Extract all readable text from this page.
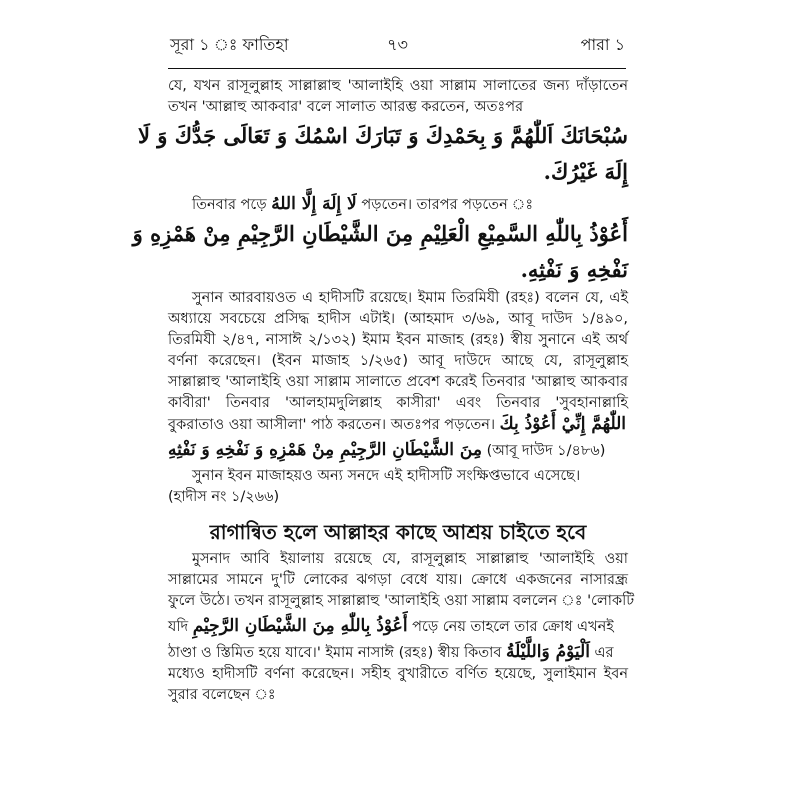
সূরা ১ ঃ ফাতিহা	৭৩	পারা ১
যে, যখন রাসূলুল্লাহ সাল্লাল্লাহু 'আলাইহি ওয়া সাল্লাম সালাতের জন্য দাঁড়াতেন
তখন 'আল্লাহু আকবার' বলে সালাত আরম্ভ করতেন, অতঃপর
سُبْحَانَكَ اَللّٰهُمَّ وَ بِحَمْدِكَ وَ تَبَارَكَ اسْمُكَ وَ تَعَالَى جَدُّكَ وَ لَا
إِلَهَ غَيْرُكَ.
তিনবার পড়ে لَا إِلَهَ إِلَّا اللهُ পড়তেন। তারপর পড়তেন ঃ
أَعُوْذُ بِاللّٰهِ السَّمِيْعِ الْعَلِيْمِ مِنَ الشَّيْطَانِ الرَّجِيْمِ مِنْ هَمْزِهِ وَ
نَفْخِهِ وَ نَفْثِهِ.
সুনান আরবায়ওত এ হাদীসটি রয়েছে। ইমাম তিরমিযী (রহঃ) বলেন যে, এই
অধ্যায়ে সবচেয়ে প্রসিদ্ধ হাদীস এটাই। (আহমাদ ৩/৬৯, আবূ দাউদ ১/৪৯০,
তিরমিযী ২/৪৭, নাসাঈ ২/১৩২) ইমাম ইবন মাজাহ (রহঃ) স্বীয় সুনানে এই অর্থ
বর্ণনা করেছেন। (ইবন মাজাহ ১/২৬৫) আবূ দাউদে আছে যে, রাসূলুল্লাহ
সাল্লাল্লাহু 'আলাইহি ওয়া সাল্লাম সালাতে প্রবেশ করেই তিনবার 'আল্লাহু আকবার
কাবীরা' তিনবার 'আলহামদুলিল্লাহ কাসীরা' এবং তিনবার 'সুবহানাল্লাহি
বুকরাতাও ওয়া আসীলা' পাঠ করতেন। অতঃপর পড়তেন। اللّٰهُمَّ إِنِّيْ أَعُوْذُ بِكَ
مِنَ الشَّيْطَانِ الرَّجِيْمِ مِنْ هَمْزِهِ وَ نَفْخِهِ وَ نَفْثِهِ (আবূ দাউদ ১/৪৮৬)
সুনান ইবন মাজাহয়ও অন্য সনদে এই হাদীসটি সংক্ষিপ্তভাবে এসেছে।
(হাদীস নং ১/২৬৬)
রাগান্বিত হলে আল্লাহর কাছে আশ্রয় চাইতে হবে
মুসনাদ আবি ইয়ালায় রয়েছে যে, রাসূলুল্লাহ সাল্লাল্লাহু 'আলাইহি ওয়া
সাল্লামের সামনে দু'টি লোকের ঝগড়া বেধে যায়। ক্রোধে একজনের নাসারন্ধ্র
ফুলে উঠে। তখন রাসূলুল্লাহ সাল্লাল্লাহু 'আলাইহি ওয়া সাল্লাম বললেন ঃ 'লোকটি
যদি أَعُوْذُ بِاللّٰهِ مِنَ الشَّيْطَانِ الرَّجِيْمِ পড়ে নেয় তাহলে তার ক্রোধ এখনই
ঠাণ্ডা ও স্তিমিত হয়ে যাবে।' ইমাম নাসাঈ (রহঃ) স্বীয় কিতাব اَلْيَوْمُ وَاللَّيْلَةُ এর
মধ্যেও হাদীসটি বর্ণনা করেছেন। সহীহ বুখারীতে বর্ণিত হয়েছে, সুলাইমান ইবন
সুরার বলেছেন ঃ
